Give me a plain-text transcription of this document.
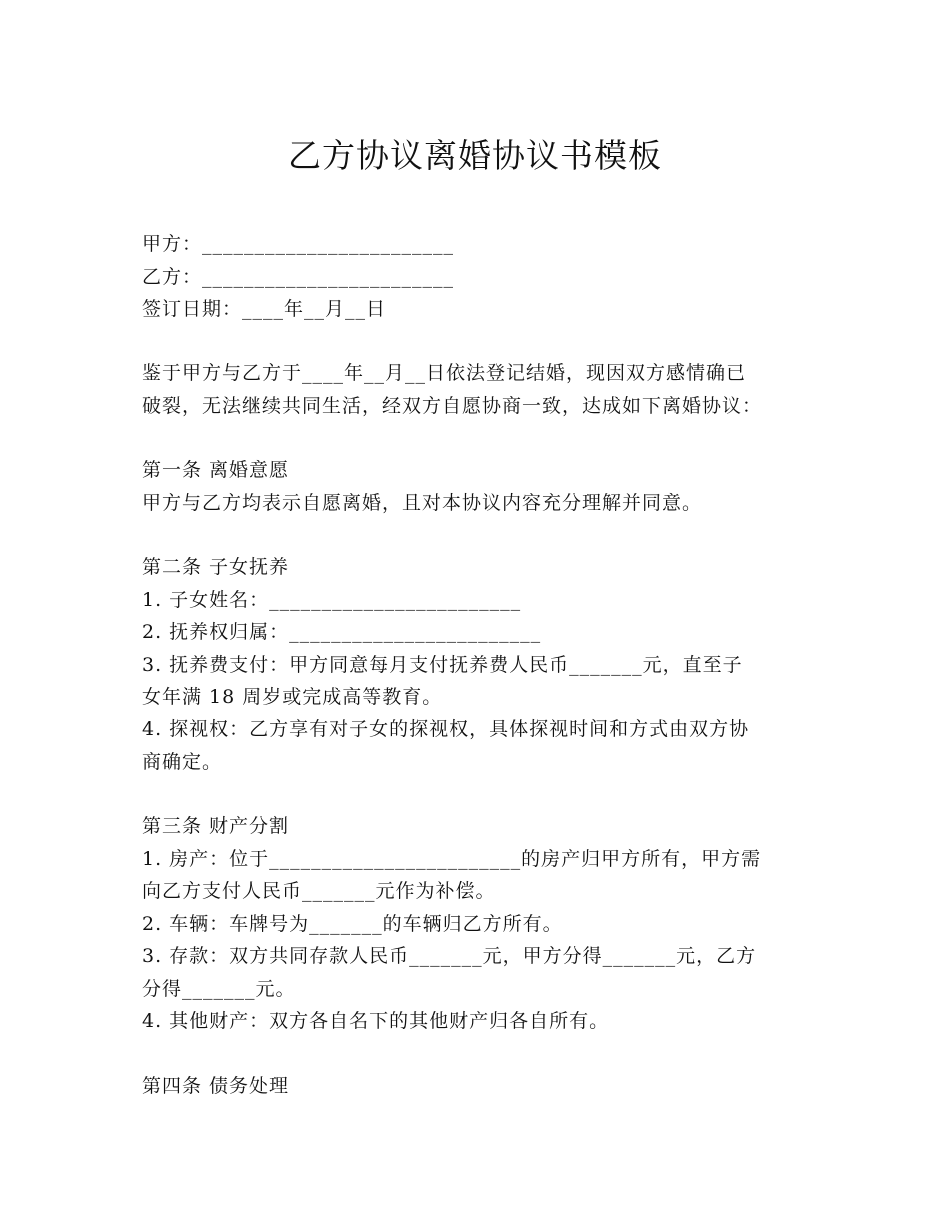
乙方协议离婚协议书模板
甲方：________________________
乙方：________________________
签订日期：____年__月__日
鉴于甲方与乙方于____年__月__日依法登记结婚，现因双方感情确已
破裂，无法继续共同生活，经双方自愿协商一致，达成如下离婚协议：
第一条 离婚意愿
甲方与乙方均表示自愿离婚，且对本协议内容充分理解并同意。
第二条 子女抚养
1. 子女姓名：________________________
2. 抚养权归属：________________________
3. 抚养费支付：甲方同意每月支付抚养费人民币_______元，直至子
女年满 18 周岁或完成高等教育。
4. 探视权：乙方享有对子女的探视权，具体探视时间和方式由双方协
商确定。
第三条 财产分割
1. 房产：位于________________________的房产归甲方所有，甲方需
向乙方支付人民币_______元作为补偿。
2. 车辆：车牌号为_______的车辆归乙方所有。
3. 存款：双方共同存款人民币_______元，甲方分得_______元，乙方
分得_______元。
4. 其他财产：双方各自名下的其他财产归各自所有。
第四条 债务处理
